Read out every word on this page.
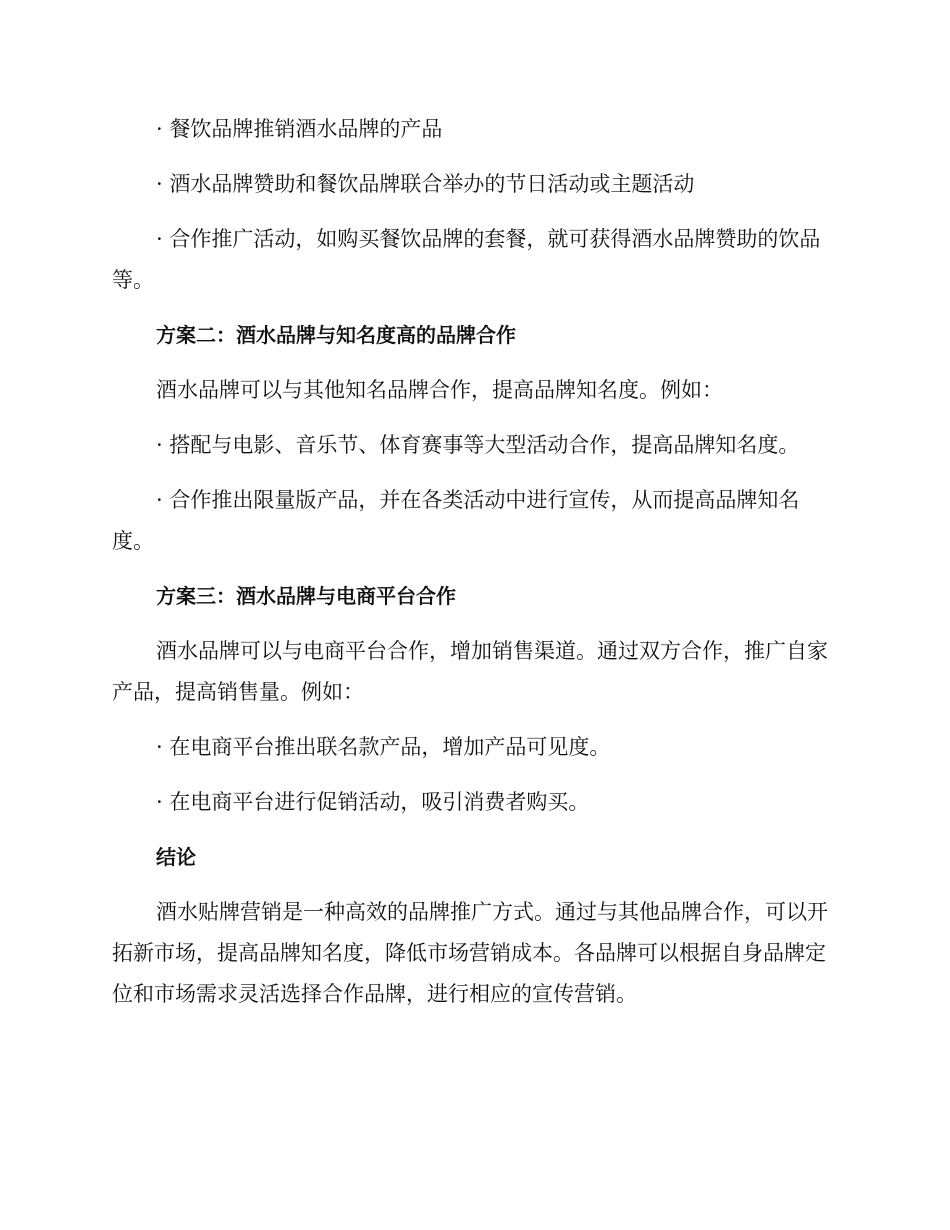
· 餐饮品牌推销酒水品牌的产品

· 酒水品牌赞助和餐饮品牌联合举办的节日活动或主题活动

· 合作推广活动，如购买餐饮品牌的套餐，就可获得酒水品牌赞助的饮品等。

方案二：酒水品牌与知名度高的品牌合作

酒水品牌可以与其他知名品牌合作，提高品牌知名度。例如：

· 搭配与电影、音乐节、体育赛事等大型活动合作，提高品牌知名度。

· 合作推出限量版产品，并在各类活动中进行宣传，从而提高品牌知名度。

方案三：酒水品牌与电商平台合作

酒水品牌可以与电商平台合作，增加销售渠道。通过双方合作，推广自家产品，提高销售量。例如：

· 在电商平台推出联名款产品，增加产品可见度。

· 在电商平台进行促销活动，吸引消费者购买。

结论

酒水贴牌营销是一种高效的品牌推广方式。通过与其他品牌合作，可以开拓新市场，提高品牌知名度，降低市场营销成本。各品牌可以根据自身品牌定位和市场需求灵活选择合作品牌，进行相应的宣传营销。
